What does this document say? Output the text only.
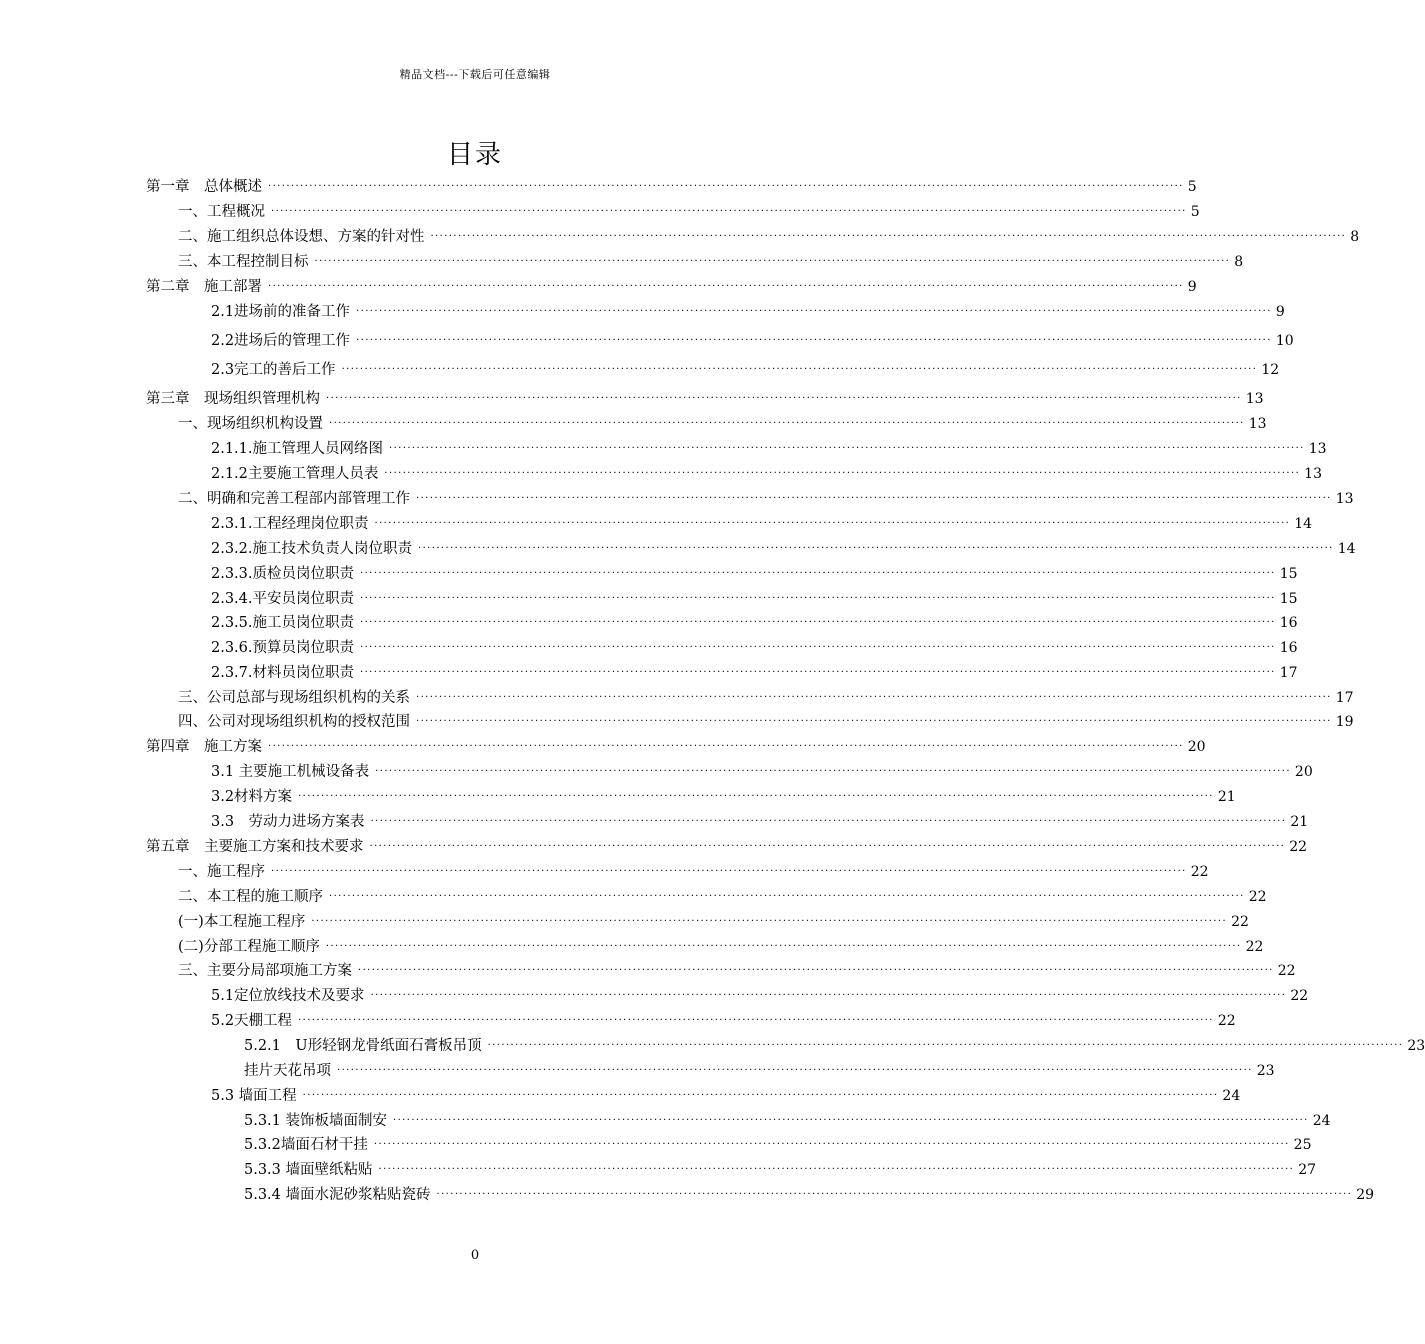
精品文档---下载后可任意编辑
目录
第一章　总体概述 ········································································································································································································ 5
一、工程概况 ········································································································································································································ 5
二、施工组织总体设想、方案的针对性 ········································································································································································································ 8
三、本工程控制目标 ········································································································································································································ 8
第二章　施工部署 ········································································································································································································ 9
2.1进场前的准备工作 ········································································································································································································ 9
2.2进场后的管理工作 ········································································································································································································ 10
2.3完工的善后工作 ········································································································································································································ 12
第三章　现场组织管理机构 ········································································································································································································ 13
一、现场组织机构设置 ········································································································································································································ 13
2.1.1.施工管理人员网络图 ········································································································································································································ 13
2.1.2主要施工管理人员表 ········································································································································································································ 13
二、明确和完善工程部内部管理工作 ········································································································································································································ 13
2.3.1.工程经理岗位职责 ········································································································································································································ 14
2.3.2.施工技术负责人岗位职责 ········································································································································································································ 14
2.3.3.质检员岗位职责 ········································································································································································································ 15
2.3.4.平安员岗位职责 ········································································································································································································ 15
2.3.5.施工员岗位职责 ········································································································································································································ 16
2.3.6.预算员岗位职责 ········································································································································································································ 16
2.3.7.材料员岗位职责 ········································································································································································································ 17
三、公司总部与现场组织机构的关系 ········································································································································································································ 17
四、公司对现场组织机构的授权范围 ········································································································································································································ 19
第四章　施工方案 ········································································································································································································ 20
3.1 主要施工机械设备表 ········································································································································································································ 20
3.2材料方案 ········································································································································································································ 21
3.3　劳动力进场方案表 ········································································································································································································ 21
第五章　主要施工方案和技术要求 ········································································································································································································ 22
一、施工程序 ········································································································································································································ 22
二、本工程的施工顺序 ········································································································································································································ 22
(一)本工程施工程序 ········································································································································································································ 22
(二)分部工程施工顺序 ········································································································································································································ 22
三、主要分局部项施工方案 ········································································································································································································ 22
5.1定位放线技术及要求 ········································································································································································································ 22
5.2天棚工程 ········································································································································································································ 22
5.2.1　U形轻钢龙骨纸面石膏板吊顶 ········································································································································································································ 23
挂片天花吊项 ········································································································································································································ 23
5.3 墙面工程 ········································································································································································································ 24
5.3.1 装饰板墙面制安 ········································································································································································································ 24
5.3.2墙面石材干挂 ········································································································································································································ 25
5.3.3 墙面壁纸粘贴 ········································································································································································································ 27
5.3.4 墙面水泥砂浆粘贴瓷砖 ········································································································································································································ 29
0
